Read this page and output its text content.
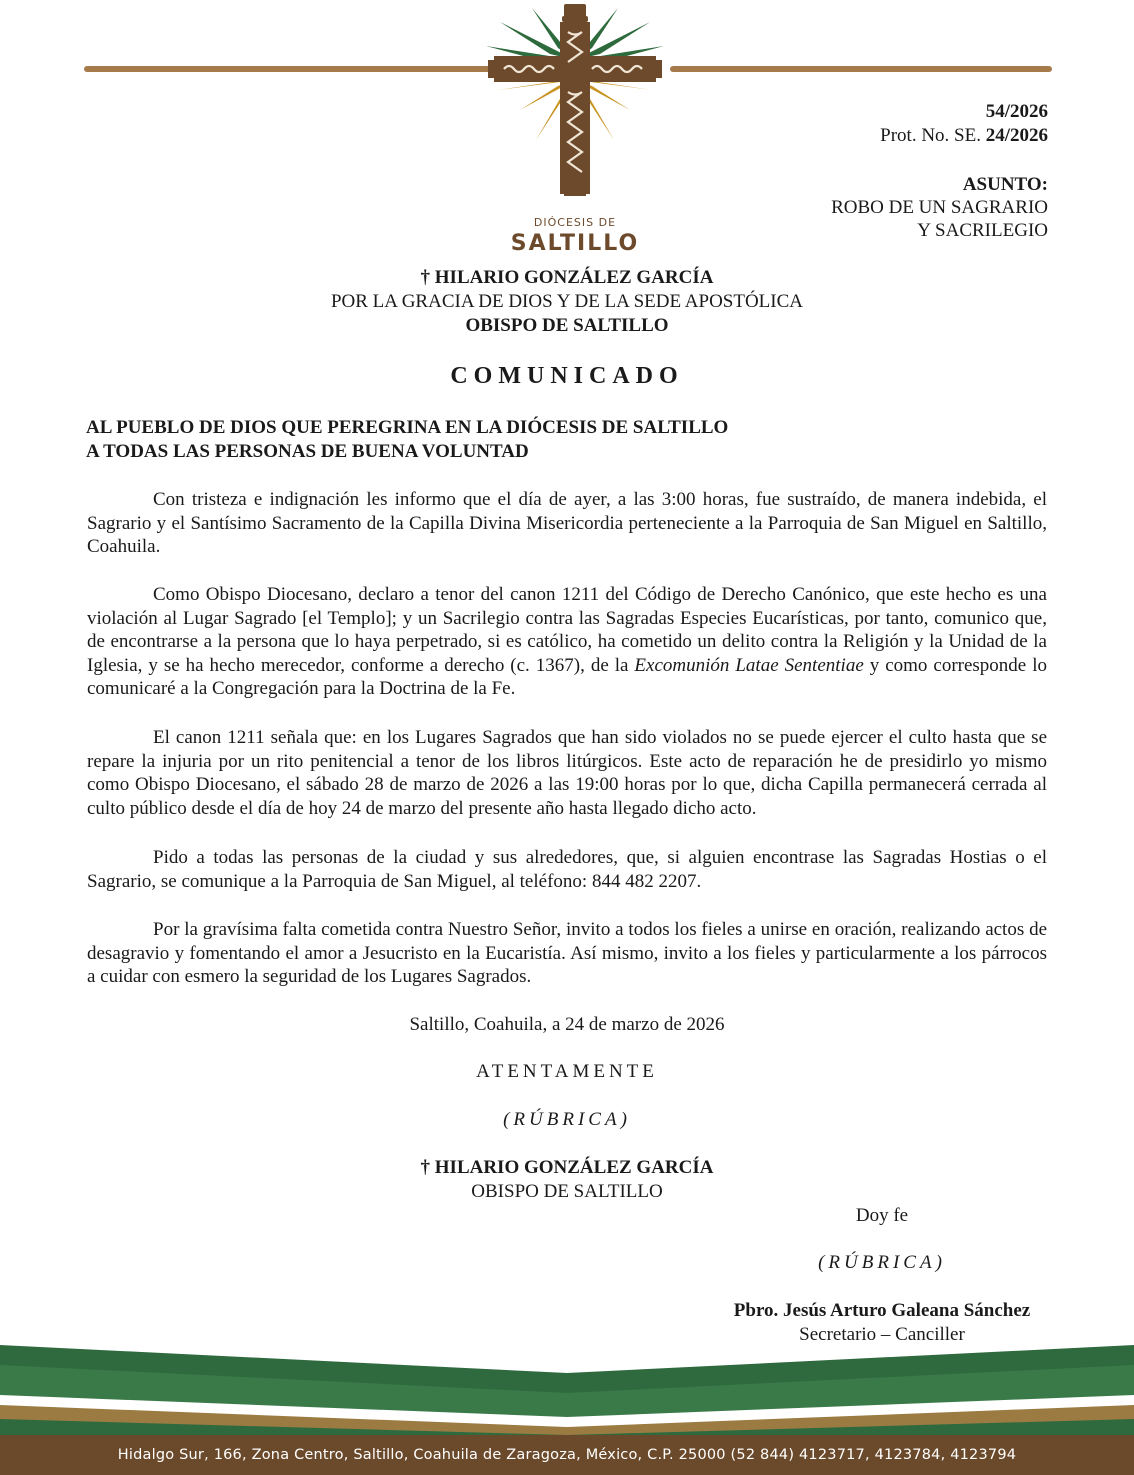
DIÓCESIS DE
SALTILLO
54/2026
Prot. No. SE. 24/2026
ASUNTO:
ROBO DE UN SAGRARIO
Y SACRILEGIO
† HILARIO GONZÁLEZ GARCÍA
POR LA GRACIA DE DIOS Y DE LA SEDE APOSTÓLICA
OBISPO DE SALTILLO
COMUNICADO
AL PUEBLO DE DIOS QUE PEREGRINA EN LA DIÓCESIS DE SALTILLO
A TODAS LAS PERSONAS DE BUENA VOLUNTAD
Con tristeza e indignación les informo que el día de ayer, a las 3:00 horas, fue sustraído, de manera indebida, el Sagrario y el Santísimo Sacramento de la Capilla Divina Misericordia perteneciente a la Parroquia de San Miguel en Saltillo, Coahuila.
Como Obispo Diocesano, declaro a tenor del canon 1211 del Código de Derecho Canónico, que este hecho es una violación al Lugar Sagrado [el Templo]; y un Sacrilegio contra las Sagradas Especies Eucarísticas, por tanto, comunico que, de encontrarse a la persona que lo haya perpetrado, si es católico, ha cometido un delito contra la Religión y la Unidad de la Iglesia, y se ha hecho merecedor, conforme a derecho (c. 1367), de la Excomunión Latae Sententiae y como corresponde lo comunicaré a la Congregación para la Doctrina de la Fe.
El canon 1211 señala que: en los Lugares Sagrados que han sido violados no se puede ejercer el culto hasta que se repare la injuria por un rito penitencial a tenor de los libros litúrgicos. Este acto de reparación he de presidirlo yo mismo como Obispo Diocesano, el sábado 28 de marzo de 2026 a las 19:00 horas por lo que, dicha Capilla permanecerá cerrada al culto público desde el día de hoy 24 de marzo del presente año hasta llegado dicho acto.
Pido a todas las personas de la ciudad y sus alrededores, que, si alguien encontrase las Sagradas Hostias o el Sagrario, se comunique a la Parroquia de San Miguel, al teléfono: 844 482 2207.
Por la gravísima falta cometida contra Nuestro Señor, invito a todos los fieles a unirse en oración, realizando actos de desagravio y fomentando el amor a Jesucristo en la Eucaristía. Así mismo, invito a los fieles y particularmente a los párrocos a cuidar con esmero la seguridad de los Lugares Sagrados.
Saltillo, Coahuila, a 24 de marzo de 2026
ATENTAMENTE
(RÚBRICA)
† HILARIO GONZÁLEZ GARCÍA
OBISPO DE SALTILLO
Doy fe
(RÚBRICA)
Pbro. Jesús Arturo Galeana Sánchez
Secretario – Canciller
Hidalgo Sur, 166, Zona Centro, Saltillo, Coahuila de Zaragoza, México, C.P. 25000 (52 844) 4123717, 4123784, 4123794
